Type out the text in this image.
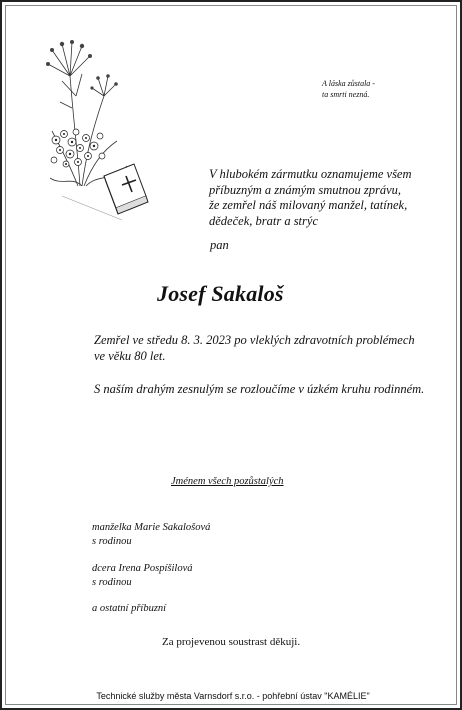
A láska zůstala -
ta smrti nezná.
V hlubokém zármutku oznamujeme všem
příbuzným a známým smutnou zprávu,
že zemřel náš milovaný manžel, tatínek,
dědeček, bratr a strýc
pan
Josef Sakaloš
Zemřel ve středu 8. 3. 2023 po vleklých zdravotních problémech
ve věku 80 let.
S naším drahým zesnulým se rozloučíme v úzkém kruhu rodinném.
Jménem všech pozůstalých
manželka Marie Sakalošová
s rodinou
dcera Irena Pospíšilová
s rodinou
a ostatní příbuzní
Za projevenou soustrast děkuji.
Technické služby města Varnsdorf s.r.o. - pohřební ústav "KAMÉLIE"
